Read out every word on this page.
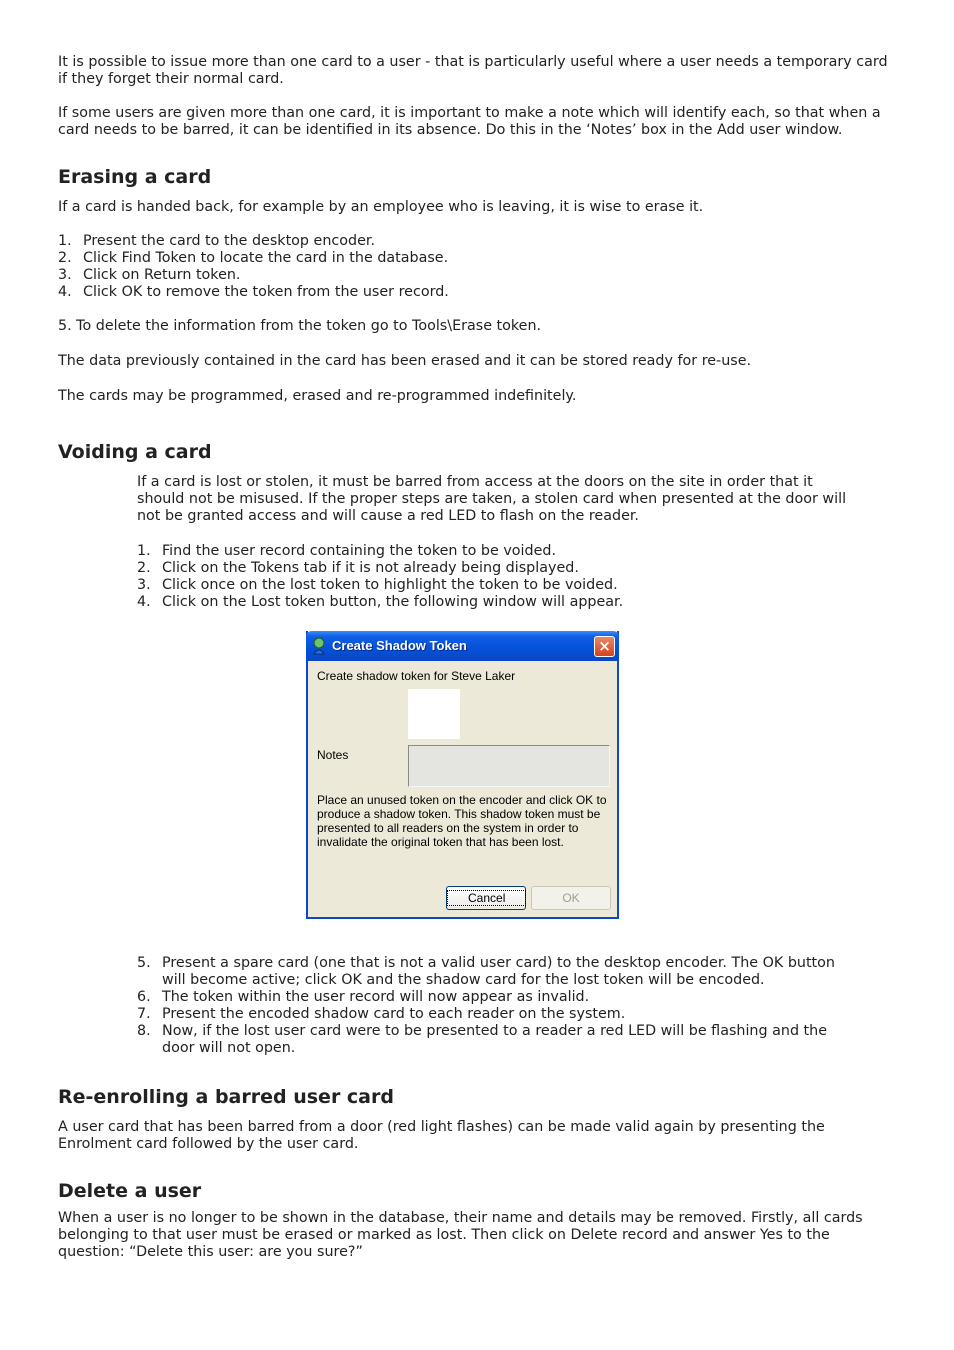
It is possible to issue more than one card to a user - that is particularly useful where a user needs a temporary card if they forget their normal card.

If some users are given more than one card, it is important to make a note which will identify each, so that when a card needs to be barred, it can be identified in its absence. Do this in the ‘Notes’ box in the Add user window.

Erasing a card

If a card is handed back, for example by an employee who is leaving, it is wise to erase it.

1. Present the card to the desktop encoder.
2. Click Find Token to locate the card in the database.
3. Click on Return token.
4. Click OK to remove the token from the user record.

5. To delete the information from the token go to Tools\Erase token.

The data previously contained in the card has been erased and it can be stored ready for re-use.

The cards may be programmed, erased and re-programmed indefinitely.

Voiding a card

If a card is lost or stolen, it must be barred from access at the doors on the site in order that it should not be misused. If the proper steps are taken, a stolen card when presented at the door will not be granted access and will cause a red LED to flash on the reader.

1. Find the user record containing the token to be voided.
2. Click on the Tokens tab if it is not already being displayed.
3. Click once on the lost token to highlight the token to be voided.
4. Click on the Lost token button, the following window will appear.
Create Shadow Token	×
Create shadow token for Steve Laker
Notes
Place an unused token on the encoder and click OK to produce a shadow token. This shadow token must be presented to all readers on the system in order to invalidate the original token that has been lost.
Cancel	OK
5. Present a spare card (one that is not a valid user card) to the desktop encoder. The OK button will become active; click OK and the shadow card for the lost token will be encoded.
6. The token within the user record will now appear as invalid.
7. Present the encoded shadow card to each reader on the system.
8. Now, if the lost user card were to be presented to a reader a red LED will be flashing and the door will not open.
Re-enrolling a barred user card

A user card that has been barred from a door (red light flashes) can be made valid again by presenting the Enrolment card followed by the user card.

Delete a user

When a user is no longer to be shown in the database, their name and details may be removed. Firstly, all cards belonging to that user must be erased or marked as lost. Then click on Delete record and answer Yes to the question: “Delete this user: are you sure?”
